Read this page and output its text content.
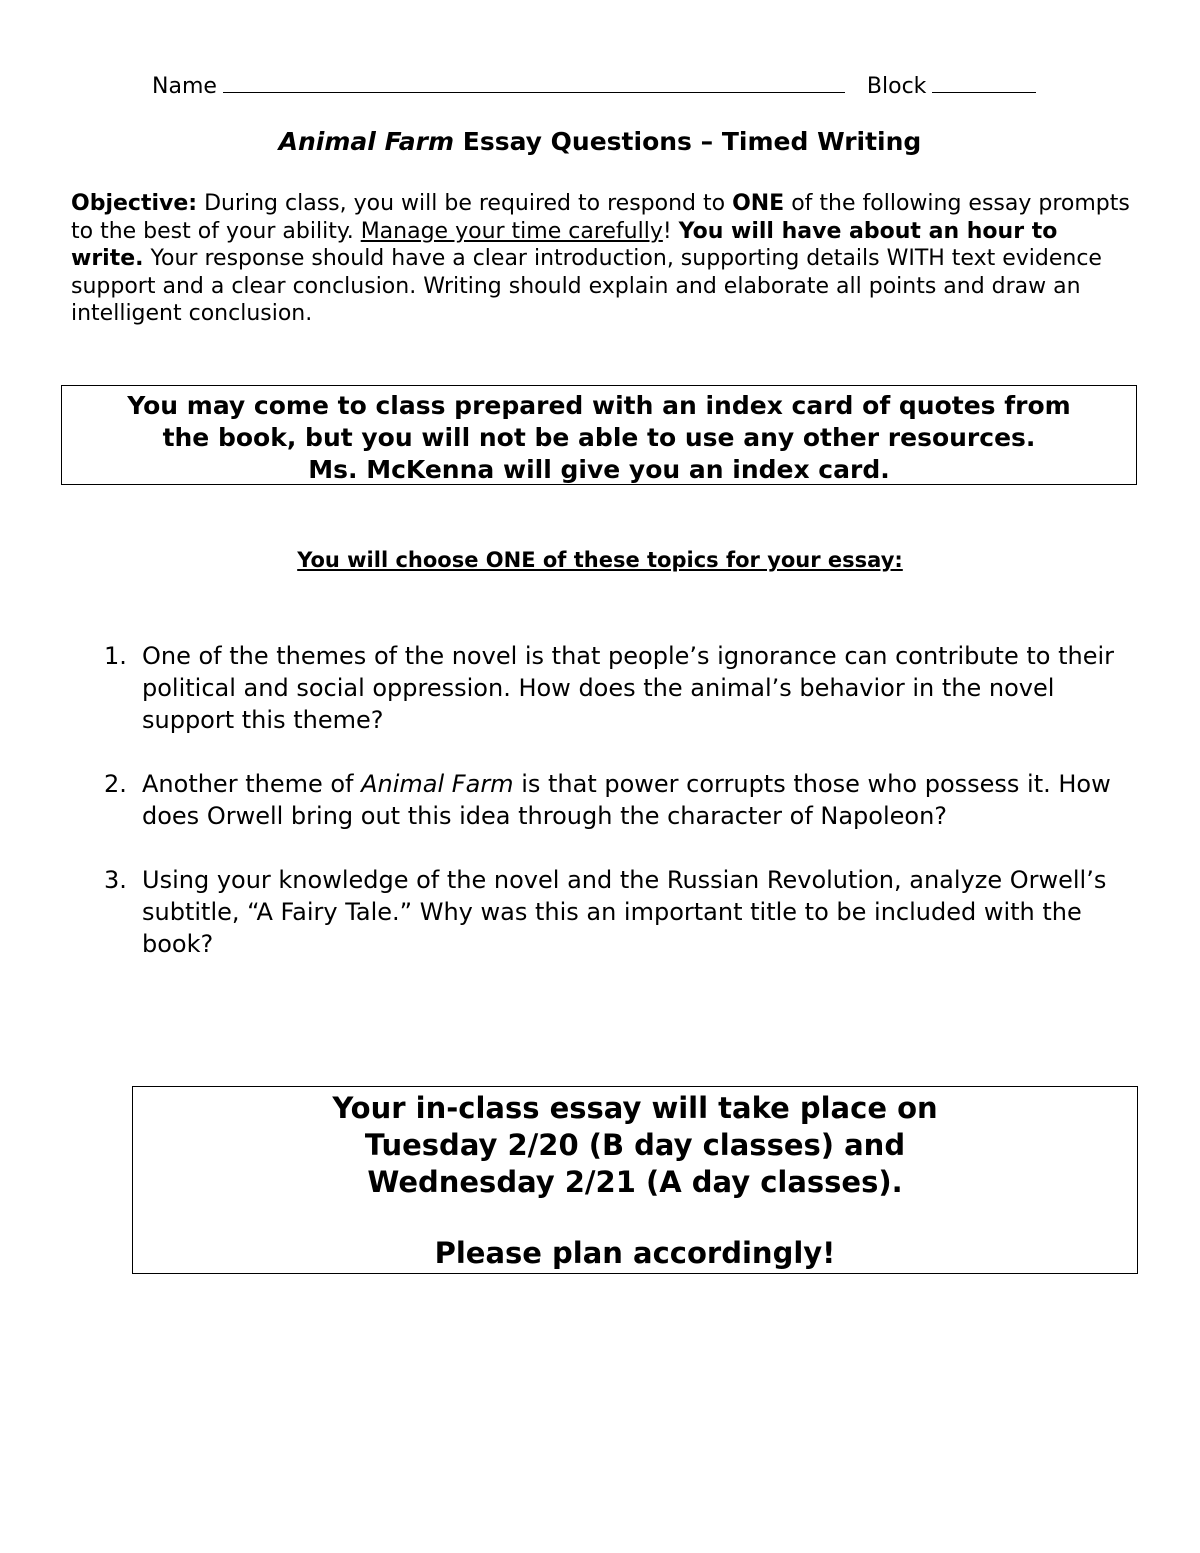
Name	Block
Animal Farm Essay Questions – Timed Writing
Objective: During class, you will be required to respond to ONE of the following essay prompts to the best of your ability. Manage your time carefully! You will have about an hour to write. Your response should have a clear introduction, supporting details WITH text evidence support and a clear conclusion. Writing should explain and elaborate all points and draw an intelligent conclusion.
You may come to class prepared with an index card of quotes from
the book, but you will not be able to use any other resources.
Ms. McKenna will give you an index card.
You will choose ONE of these topics for your essay:
1. One of the themes of the novel is that people’s ignorance can contribute to their political and social oppression. How does the animal’s behavior in the novel support this theme?
2. Another theme of Animal Farm is that power corrupts those who possess it. How does Orwell bring out this idea through the character of Napoleon?
3. Using your knowledge of the novel and the Russian Revolution, analyze Orwell’s subtitle, “A Fairy Tale.” Why was this an important title to be included with the book?
Your in-class essay will take place on
Tuesday 2/20 (B day classes) and
Wednesday 2/21 (A day classes).
Please plan accordingly!
